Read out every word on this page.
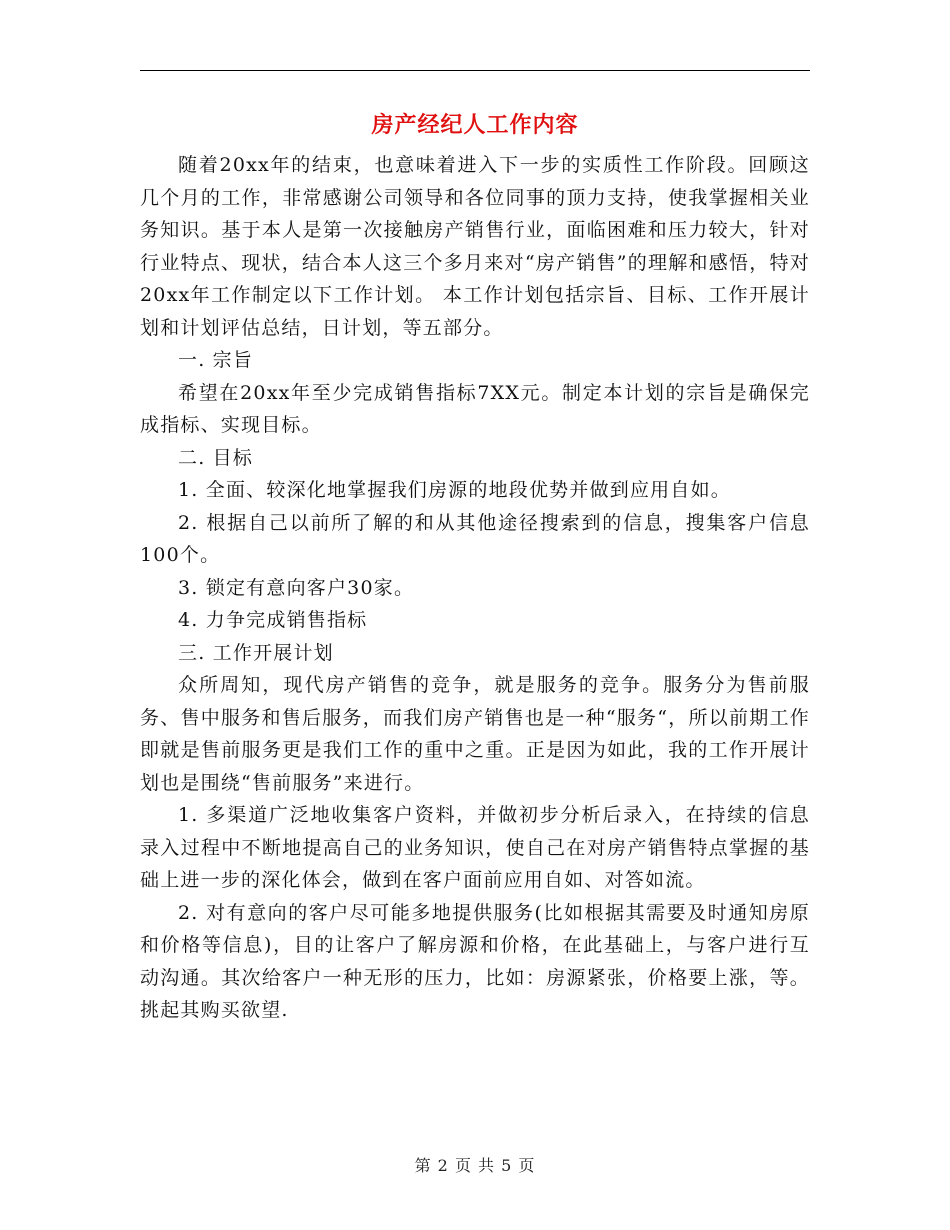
房产经纪人工作内容

随着20xx年的结束，也意味着进入下一步的实质性工作阶段。回顾这几个月的工作，非常感谢公司领导和各位同事的顶力支持，使我掌握相关业务知识。基于本人是第一次接触房产销售行业，面临困难和压力较大，针对行业特点、现状，结合本人这三个多月来对“房产销售”的理解和感悟，特对20xx年工作制定以下工作计划。 本工作计划包括宗旨、目标、工作开展计划和计划评估总结，日计划，等五部分。

一. 宗旨

希望在20xx年至少完成销售指标7XX元。制定本计划的宗旨是确保完成指标、实现目标。

二. 目标

1. 全面、较深化地掌握我们房源的地段优势并做到应用自如。

2. 根据自己以前所了解的和从其他途径搜索到的信息，搜集客户信息100个。

3. 锁定有意向客户30家。

4. 力争完成销售指标

三. 工作开展计划

众所周知，现代房产销售的竞争，就是服务的竞争。服务分为售前服务、售中服务和售后服务，而我们房产销售也是一种“服务“，所以前期工作即就是售前服务更是我们工作的重中之重。正是因为如此，我的工作开展计划也是围绕“售前服务”来进行。

1. 多渠道广泛地收集客户资料，并做初步分析后录入，在持续的信息录入过程中不断地提高自己的业务知识，使自己在对房产销售特点掌握的基础上进一步的深化体会，做到在客户面前应用自如、对答如流。

2. 对有意向的客户尽可能多地提供服务(比如根据其需要及时通知房原和价格等信息)，目的让客户了解房源和价格，在此基础上，与客户进行互动沟通。其次给客户一种无形的压力，比如：房源紧张，价格要上涨，等。挑起其购买欲望.

第 2 页 共 5 页
